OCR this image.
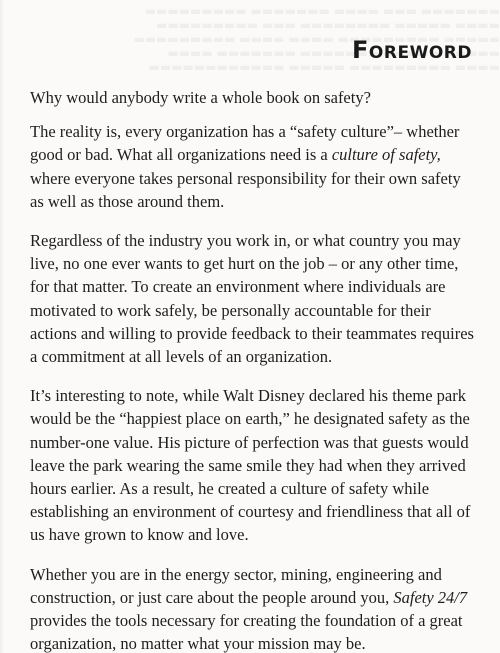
Foreword

Why would anybody write a whole book on safety?

The reality is, every organization has a “safety culture”– whether good or bad. What all organizations need is a culture of safety, where everyone takes personal responsibility for their own safety as well as those around them.

Regardless of the industry you work in, or what country you may live, no one ever wants to get hurt on the job – or any other time, for that matter. To create an environment where individuals are motivated to work safely, be personally accountable for their actions and willing to provide feedback to their teammates requires a commitment at all levels of an organization.

It’s interesting to note, while Walt Disney declared his theme park would be the “happiest place on earth,” he designated safety as the number-one value. His picture of perfection was that guests would leave the park wearing the same smile they had when they arrived hours earlier. As a result, he created a culture of safety while establishing an environment of courtesy and friendliness that all of us have grown to know and love.

Whether you are in the energy sector, mining, engineering and construction, or just care about the people around you, Safety 24/7 provides the tools necessary for creating the foundation of a great organization, no matter what your mission may be.
